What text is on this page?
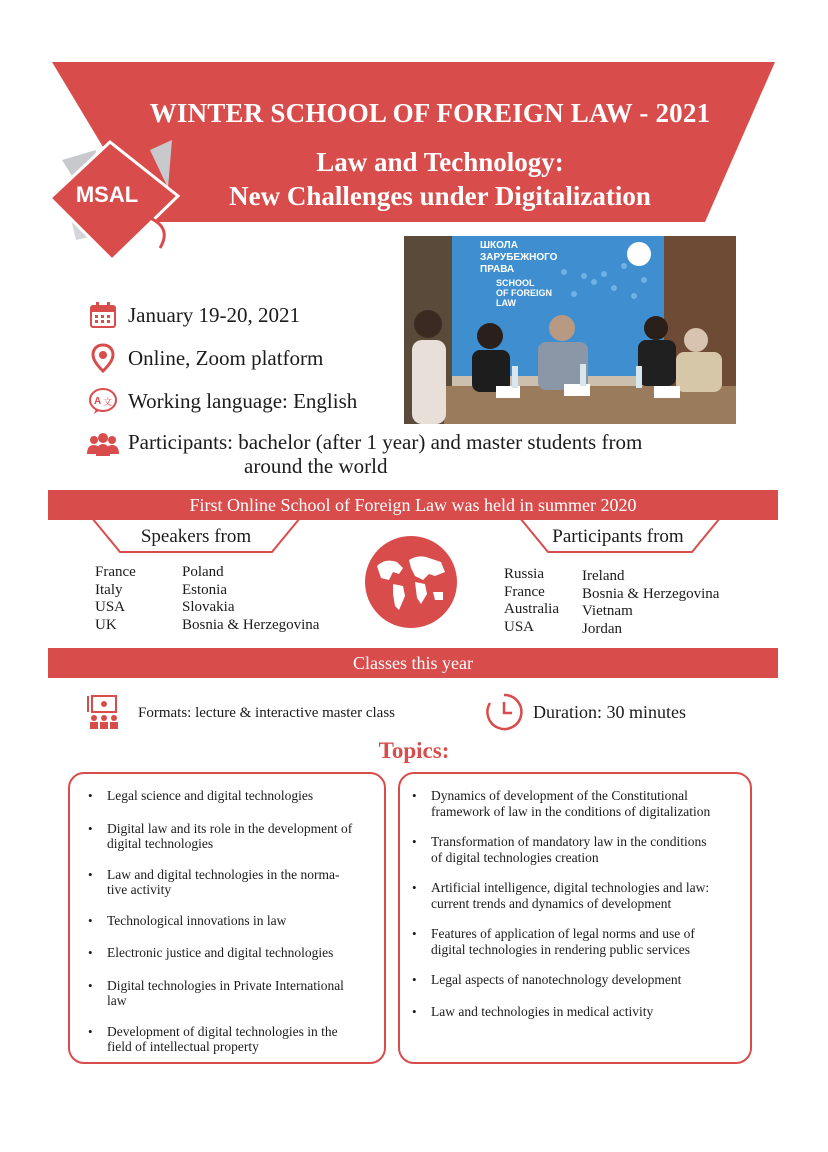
WINTER SCHOOL OF FOREIGN LAW - 2021
Law and Technology:
New Challenges under Digitalization
MSAL
ШКОЛА
ЗАРУБЕЖНОГО
ПРАВА
SCHOOL
OF FOREIGN
LAW
January 19-20, 2021
Online, Zoom platform
A 文 Working language: English
Participants: bachelor (after 1 year) and master students from
around the world
First Online School of Foreign Law was held in summer 2020
Speakers from	Participants from
France
Italy
USA
UK
Poland
Estonia
Slovakia
Bosnia & Herzegovina
Russia
France
Australia
USA
Ireland
Bosnia & Herzegovina
Vietnam
Jordan
Classes this year
Formats: lecture & interactive master class	Duration: 30 minutes
Topics:
• Legal science and digital technologies
• Digital law and its role in the development of
digital technologies
• Law and digital technologies in the norma-
tive activity
• Technological innovations in law
• Electronic justice and digital technologies
• Digital technologies in Private International
law
• Development of digital technologies in the
field of intellectual property
• Dynamics of development of the Constitutional
framework of law in the conditions of digitalization
• Transformation of mandatory law in the conditions
of digital technologies creation
• Artificial intelligence, digital technologies and law:
current trends and dynamics of development
• Features of application of legal norms and use of
digital technologies in rendering public services
• Legal aspects of nanotechnology development
• Law and technologies in medical activity
